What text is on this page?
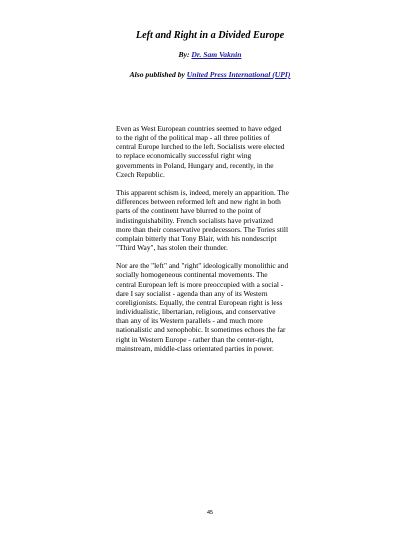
Left and Right in a Divided Europe
By: Dr. Sam Vaknin
Also published by United Press International (UPI)
Even as West European countries seemed to have edged
to the right of the political map - all three polities of
central Europe lurched to the left. Socialists were elected
to replace economically successful right wing
governments in Poland, Hungary and, recently, in the
Czech Republic.
This apparent schism is, indeed, merely an apparition. The
differences between reformed left and new right in both
parts of the continent have blurred to the point of
indistinguishability. French socialists have privatized
more than their conservative predecessors. The Tories still
complain bitterly that Tony Blair, with his nondescript
"Third Way", has stolen their thunder.
Nor are the "left" and "right" ideologically monolithic and
socially homogeneous continental movements. The
central European left is more preoccupied with a social -
dare I say socialist - agenda than any of its Western
coreligionists. Equally, the central European right is less
individualistic, libertarian, religious, and conservative
than any of its Western parallels - and much more
nationalistic and xenophobic. It sometimes echoes the far
right in Western Europe - rather than the center-right,
mainstream, middle-class orientated parties in power.
45
